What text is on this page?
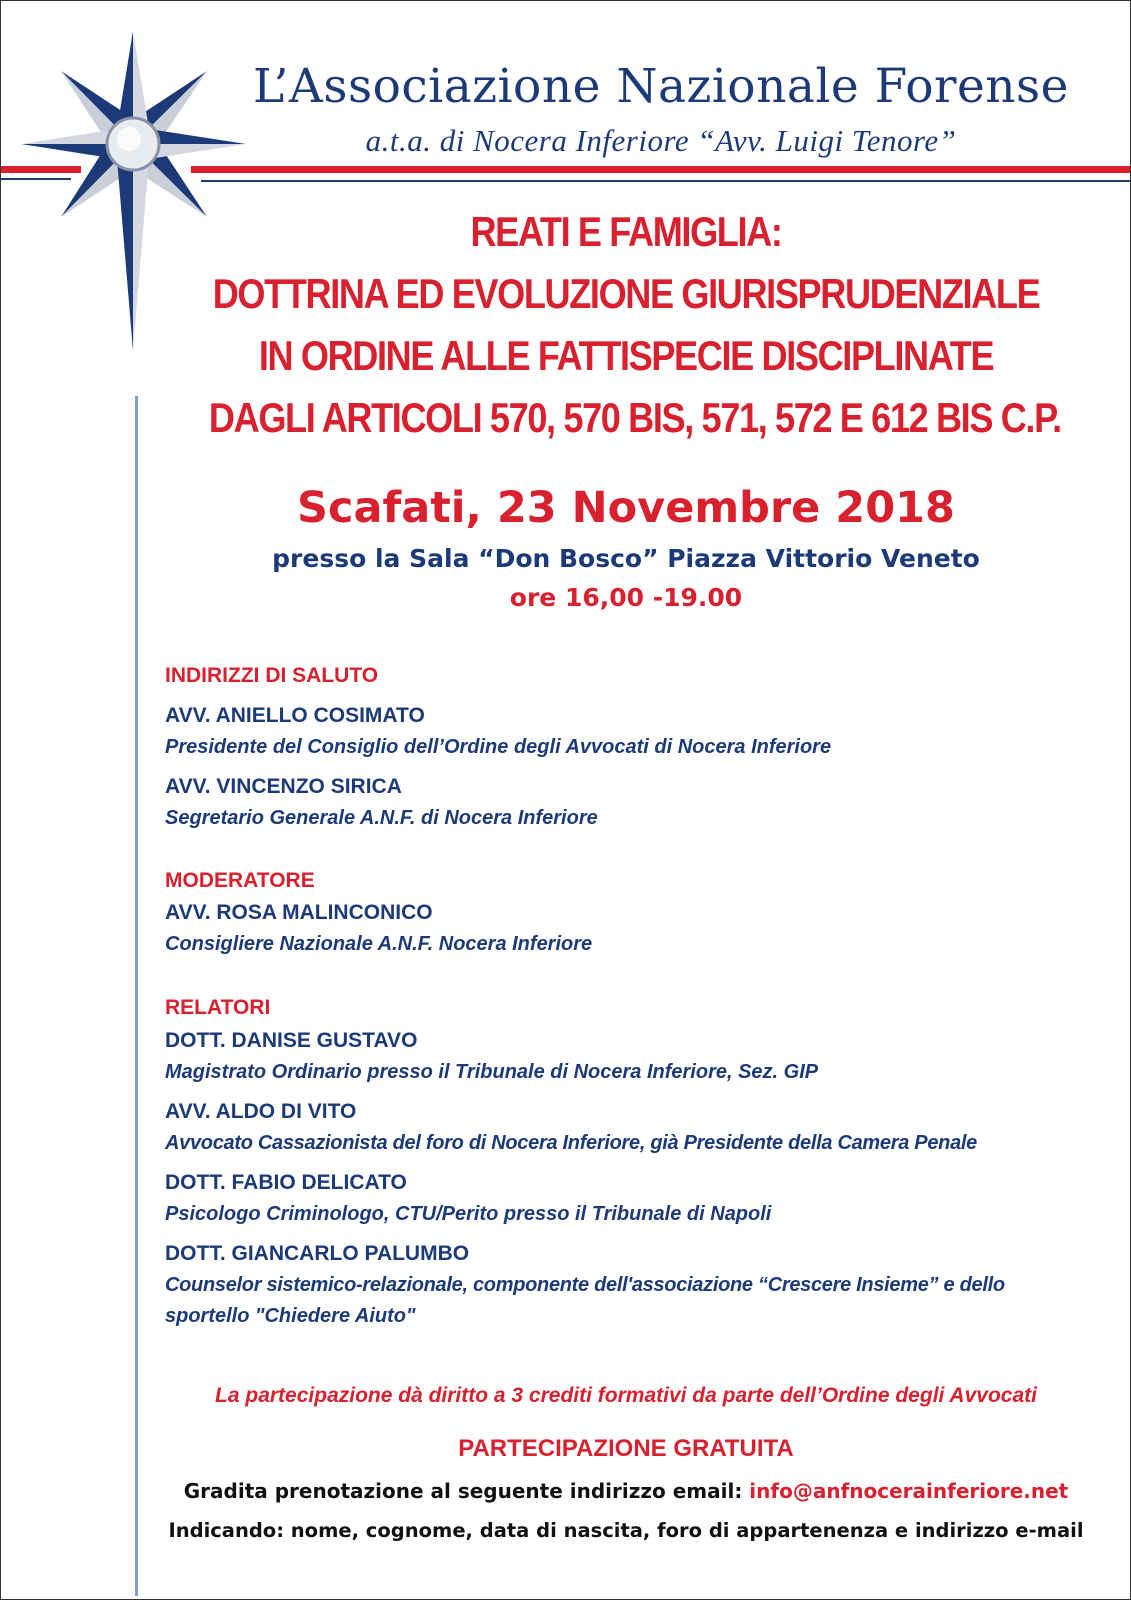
L’Associazione Nazionale Forense
a.t.a. di Nocera Inferiore “Avv. Luigi Tenore”
REATI E FAMIGLIA:
DOTTRINA ED EVOLUZIONE GIURISPRUDENZIALE
IN ORDINE ALLE FATTISPECIE DISCIPLINATE
DAGLI ARTICOLI 570, 570 BIS, 571, 572 E 612 BIS C.P.
Scafati, 23 Novembre 2018
presso la Sala “Don Bosco” Piazza Vittorio Veneto
ore 16,00 -19.00
INDIRIZZI DI SALUTO
AVV. ANIELLO COSIMATO
Presidente del Consiglio dell’Ordine degli Avvocati di Nocera Inferiore
AVV. VINCENZO SIRICA
Segretario Generale A.N.F. di Nocera Inferiore
MODERATORE
AVV. ROSA MALINCONICO
Consigliere Nazionale A.N.F. Nocera Inferiore
RELATORI
DOTT. DANISE GUSTAVO
Magistrato Ordinario presso il Tribunale di Nocera Inferiore, Sez. GIP
AVV. ALDO DI VITO
Avvocato Cassazionista del foro di Nocera Inferiore, già Presidente della Camera Penale
DOTT. FABIO DELICATO
Psicologo Criminologo, CTU/Perito presso il Tribunale di Napoli
DOTT. GIANCARLO PALUMBO
Counselor sistemico-relazionale, componente dell'associazione “Crescere Insieme” e dello
sportello "Chiedere Aiuto"
La partecipazione dà diritto a 3 crediti formativi da parte dell’Ordine degli Avvocati
PARTECIPAZIONE GRATUITA
Gradita prenotazione al seguente indirizzo email: info@anfnocerainferiore.net
Indicando: nome, cognome, data di nascita, foro di appartenenza e indirizzo e-mail
